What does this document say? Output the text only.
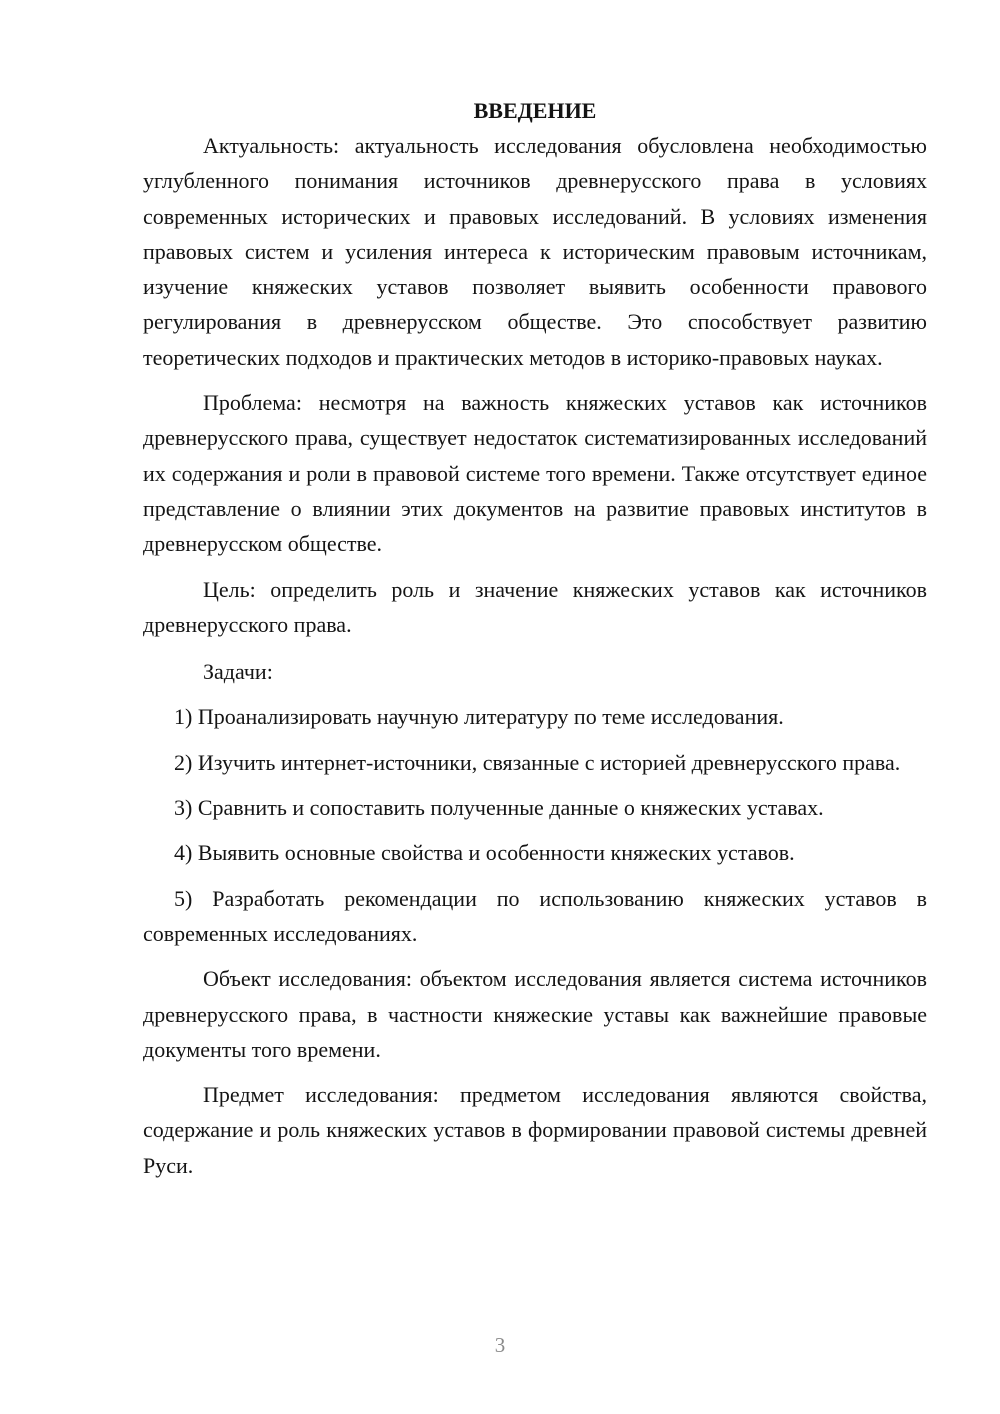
ВВЕДЕНИЕ

Актуальность: актуальность исследования обусловлена необходимостью углубленного понимания источников древнерусского права в условиях современных исторических и правовых исследований. В условиях изменения правовых систем и усиления интереса к историческим правовым источникам, изучение княжеских уставов позволяет выявить особенности правового регулирования в древнерусском обществе. Это способствует развитию теоретических подходов и практических методов в историко-правовых науках.

Проблема: несмотря на важность княжеских уставов как источников древнерусского права, существует недостаток систематизированных исследований их содержания и роли в правовой системе того времени. Также отсутствует единое представление о влиянии этих документов на развитие правовых институтов в древнерусском обществе.

Цель: определить роль и значение княжеских уставов как источников древнерусского права.

Задачи:

1) Проанализировать научную литературу по теме исследования.

2) Изучить интернет-источники, связанные с историей древнерусского права.

3) Сравнить и сопоставить полученные данные о княжеских уставах.

4) Выявить основные свойства и особенности княжеских уставов.

5) Разработать рекомендации по использованию княжеских уставов в современных исследованиях.

Объект исследования: объектом исследования является система источников древнерусского права, в частности княжеские уставы как важнейшие правовые документы того времени.

Предмет исследования: предметом исследования являются свойства, содержание и роль княжеских уставов в формировании правовой системы древней Руси.

3
